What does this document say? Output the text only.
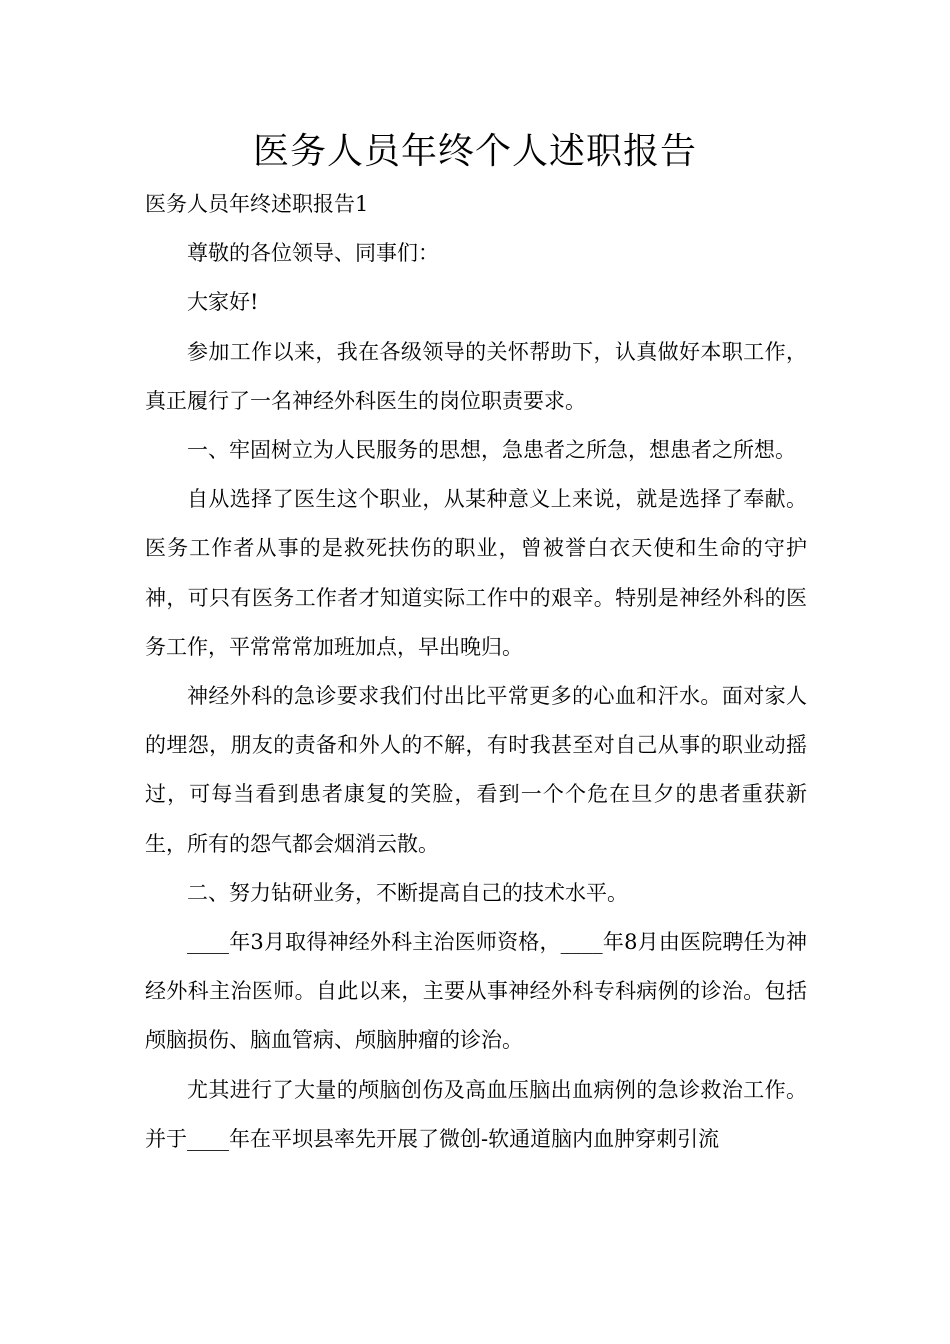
医务人员年终个人述职报告

医务人员年终述职报告1

尊敬的各位领导、同事们：

大家好!

参加工作以来，我在各级领导的关怀帮助下，认真做好本职工作，真正履行了一名神经外科医生的岗位职责要求。

一、牢固树立为人民服务的思想，急患者之所急，想患者之所想。

自从选择了医生这个职业，从某种意义上来说，就是选择了奉献。医务工作者从事的是救死扶伤的职业，曾被誉白衣天使和生命的守护神，可只有医务工作者才知道实际工作中的艰辛。特别是神经外科的医务工作，平常常常加班加点，早出晚归。

神经外科的急诊要求我们付出比平常更多的心血和汗水。面对家人的埋怨，朋友的责备和外人的不解，有时我甚至对自己从事的职业动摇过，可每当看到患者康复的笑脸，看到一个个危在旦夕的患者重获新生，所有的怨气都会烟消云散。

二、努力钻研业务，不断提高自己的技术水平。

____年3月取得神经外科主治医师资格，____年8月由医院聘任为神经外科主治医师。自此以来，主要从事神经外科专科病例的诊治。包括颅脑损伤、脑血管病、颅脑肿瘤的诊治。

尤其进行了大量的颅脑创伤及高血压脑出血病例的急诊救治工作。并于____年在平坝县率先开展了微创-软通道脑内血肿穿刺引流
